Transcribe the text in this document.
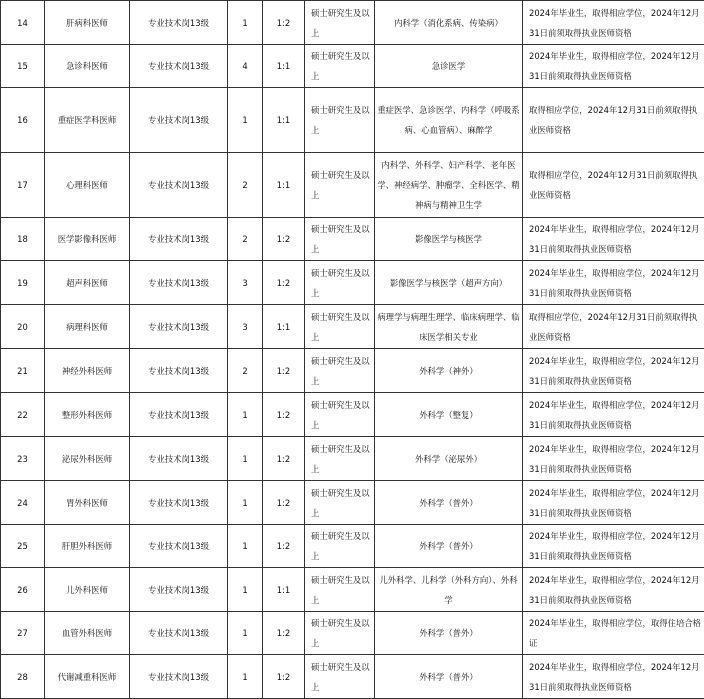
14	肝病科医师	专业技术岗13级	1	1:2	硕士研究生及以上	内科学（消化系病、传染病）	2024年毕业生，取得相应学位，2024年12月31日前须取得执业医师资格
15	急诊科医师	专业技术岗13级	4	1:1	硕士研究生及以上	急诊医学	2024年毕业生，取得相应学位，2024年12月31日前须取得执业医师资格
16	重症医学科医师	专业技术岗13级	1	1:1	硕士研究生及以上	重症医学、急诊医学、内科学（呼吸系病、心血管病）、麻醉学	取得相应学位，2024年12月31日前须取得执业医师资格
17	心理科医师	专业技术岗13级	2	1:1	硕士研究生及以上	内科学、外科学、妇产科学、老年医学、神经病学、肿瘤学、全科医学、精神病与精神卫生学	取得相应学位，2024年12月31日前须取得执业医师资格
18	医学影像科医师	专业技术岗13级	2	1:2	硕士研究生及以上	影像医学与核医学	2024年毕业生，取得相应学位，2024年12月31日前须取得执业医师资格
19	超声科医师	专业技术岗13级	3	1:2	硕士研究生及以上	影像医学与核医学（超声方向）	2024年毕业生，取得相应学位，2024年12月31日前须取得执业医师资格
20	病理科医师	专业技术岗13级	3	1:1	硕士研究生及以上	病理学与病理生理学、临床病理学、临床医学相关专业	取得相应学位，2024年12月31日前须取得执业医师资格
21	神经外科医师	专业技术岗13级	2	1:2	硕士研究生及以上	外科学（神外）	2024年毕业生，取得相应学位，2024年12月31日前须取得执业医师资格
22	整形外科医师	专业技术岗13级	1	1:2	硕士研究生及以上	外科学（整复）	2024年毕业生，取得相应学位，2024年12月31日前须取得执业医师资格
23	泌尿外科医师	专业技术岗13级	1	1:2	硕士研究生及以上	外科学（泌尿外）	2024年毕业生，取得相应学位，2024年12月31日前须取得执业医师资格
24	胃外科医师	专业技术岗13级	1	1:2	硕士研究生及以上	外科学（普外）	2024年毕业生，取得相应学位，2024年12月31日前须取得执业医师资格
25	肝胆外科医师	专业技术岗13级	1	1:2	硕士研究生及以上	外科学（普外）	2024年毕业生，取得相应学位，2024年12月31日前须取得执业医师资格
26	儿外科医师	专业技术岗13级	1	1:1	硕士研究生及以上	儿外科学、儿科学（外科方向）、外科学	2024年毕业生，取得相应学位，2024年12月31日前须取得执业医师资格
27	血管外科医师	专业技术岗13级	1	1:2	硕士研究生及以上	外科学（普外）	2024年毕业生，取得相应学位，取得住培合格证
28	代谢减重科医师	专业技术岗13级	1	1:2	硕士研究生及以上	外科学（普外）	2024年毕业生，取得相应学位，2024年12月31日前须取得执业医师资格
